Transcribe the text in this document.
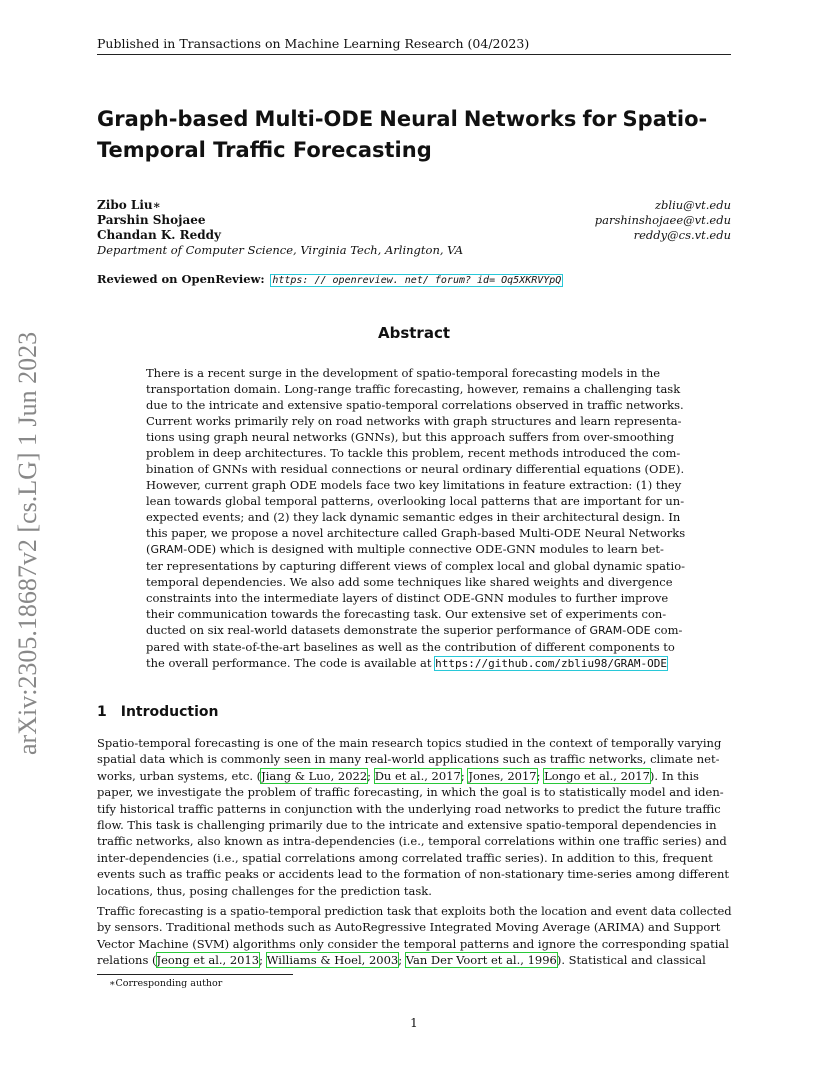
Published in Transactions on Machine Learning Research (04/2023)
Graph-based Multi-ODE Neural Networks for Spatio-
Temporal Traffic Forecasting
Zibo Liu∗	zbliu@vt.edu
Parshin Shojaee	parshinshojaee@vt.edu
Chandan K. Reddy	reddy@cs.vt.edu
Department of Computer Science, Virginia Tech, Arlington, VA
Reviewed on OpenReview: https: // openreview. net/ forum? id= Oq5XKRVYpQ
arXiv:2305.18687v2 [cs.LG] 1 Jun 2023	Abstract
There is a recent surge in the development of spatio-temporal forecasting models in the
transportation domain. Long-range traffic forecasting, however, remains a challenging task
due to the intricate and extensive spatio-temporal correlations observed in traffic networks.
Current works primarily rely on road networks with graph structures and learn representa-
tions using graph neural networks (GNNs), but this approach suffers from over-smoothing
problem in deep architectures. To tackle this problem, recent methods introduced the com-
bination of GNNs with residual connections or neural ordinary differential equations (ODE).
However, current graph ODE models face two key limitations in feature extraction: (1) they
lean towards global temporal patterns, overlooking local patterns that are important for un-
expected events; and (2) they lack dynamic semantic edges in their architectural design. In
this paper, we propose a novel architecture called Graph-based Multi-ODE Neural Networks
(GRAM-ODE) which is designed with multiple connective ODE-GNN modules to learn bet-
ter representations by capturing different views of complex local and global dynamic spatio-
temporal dependencies. We also add some techniques like shared weights and divergence
constraints into the intermediate layers of distinct ODE-GNN modules to further improve
their communication towards the forecasting task. Our extensive set of experiments con-
ducted on six real-world datasets demonstrate the superior performance of GRAM-ODE com-
pared with state-of-the-art baselines as well as the contribution of different components to
the overall performance. The code is available at https://github.com/zbliu98/GRAM-ODE
1 Introduction
Spatio-temporal forecasting is one of the main research topics studied in the context of temporally varying
spatial data which is commonly seen in many real-world applications such as traffic networks, climate net-
works, urban systems, etc. (Jiang & Luo, 2022; Du et al., 2017; Jones, 2017; Longo et al., 2017). In this
paper, we investigate the problem of traffic forecasting, in which the goal is to statistically model and iden-
tify historical traffic patterns in conjunction with the underlying road networks to predict the future traffic
flow. This task is challenging primarily due to the intricate and extensive spatio-temporal dependencies in
traffic networks, also known as intra-dependencies (i.e., temporal correlations within one traffic series) and
inter-dependencies (i.e., spatial correlations among correlated traffic series). In addition to this, frequent
events such as traffic peaks or accidents lead to the formation of non-stationary time-series among different
locations, thus, posing challenges for the prediction task.
Traffic forecasting is a spatio-temporal prediction task that exploits both the location and event data collected
by sensors. Traditional methods such as AutoRegressive Integrated Moving Average (ARIMA) and Support
Vector Machine (SVM) algorithms only consider the temporal patterns and ignore the corresponding spatial
relations (Jeong et al., 2013; Williams & Hoel, 2003; Van Der Voort et al., 1996). Statistical and classical
∗Corresponding author
1
